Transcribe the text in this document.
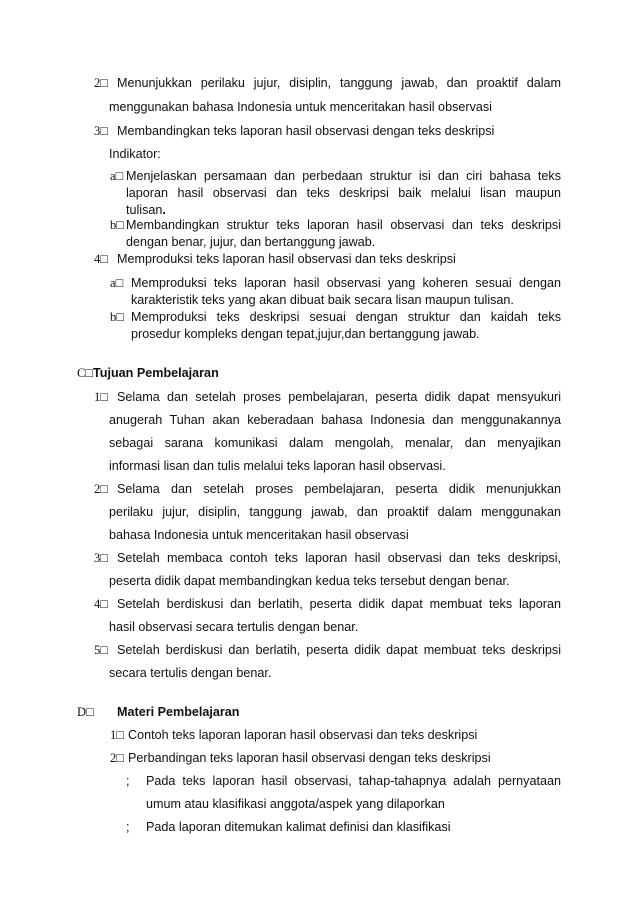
2□ Menunjukkan perilaku jujur, disiplin, tanggung jawab, dan proaktif dalam
menggunakan bahasa Indonesia untuk menceritakan hasil observasi
3□ Membandingkan teks laporan hasil observasi dengan teks deskripsi
Indikator:
a□ Menjelaskan persamaan dan perbedaan struktur isi dan ciri bahasa teks
laporan hasil observasi dan teks deskripsi baik melalui lisan maupun
tulisan.
b□ Membandingkan struktur teks laporan hasil observasi dan teks deskripsi
dengan benar, jujur, dan bertanggung jawab.
4□ Memproduksi teks laporan hasil observasi dan teks deskripsi
a□ Memproduksi teks laporan hasil observasi yang koheren sesuai dengan
karakteristik teks yang akan dibuat baik secara lisan maupun tulisan.
b□ Memproduksi teks deskripsi sesuai dengan struktur dan kaidah teks
prosedur kompleks dengan tepat,jujur,dan bertanggung jawab.
C□Tujuan Pembelajaran
1□ Selama dan setelah proses pembelajaran, peserta didik dapat mensyukuri
anugerah Tuhan akan keberadaan bahasa Indonesia dan menggunakannya
sebagai sarana komunikasi dalam mengolah, menalar, dan menyajikan
informasi lisan dan tulis melalui teks laporan hasil observasi.
2□ Selama dan setelah proses pembelajaran, peserta didik menunjukkan
perilaku jujur, disiplin, tanggung jawab, dan proaktif dalam menggunakan
bahasa Indonesia untuk menceritakan hasil observasi
3□ Setelah membaca contoh teks laporan hasil observasi dan teks deskripsi,
peserta didik dapat membandingkan kedua teks tersebut dengan benar.
4□ Setelah berdiskusi dan berlatih, peserta didik dapat membuat teks laporan
hasil observasi secara tertulis dengan benar.
5□ Setelah berdiskusi dan berlatih, peserta didik dapat membuat teks deskripsi
secara tertulis dengan benar.
D□ Materi Pembelajaran
1□ Contoh teks laporan laporan hasil observasi dan teks deskripsi
2□ Perbandingan teks laporan hasil observasi dengan teks deskripsi
; Pada teks laporan hasil observasi, tahap-tahapnya adalah pernyataan
umum atau klasifikasi anggota/aspek yang dilaporkan
; Pada laporan ditemukan kalimat definisi dan klasifikasi
